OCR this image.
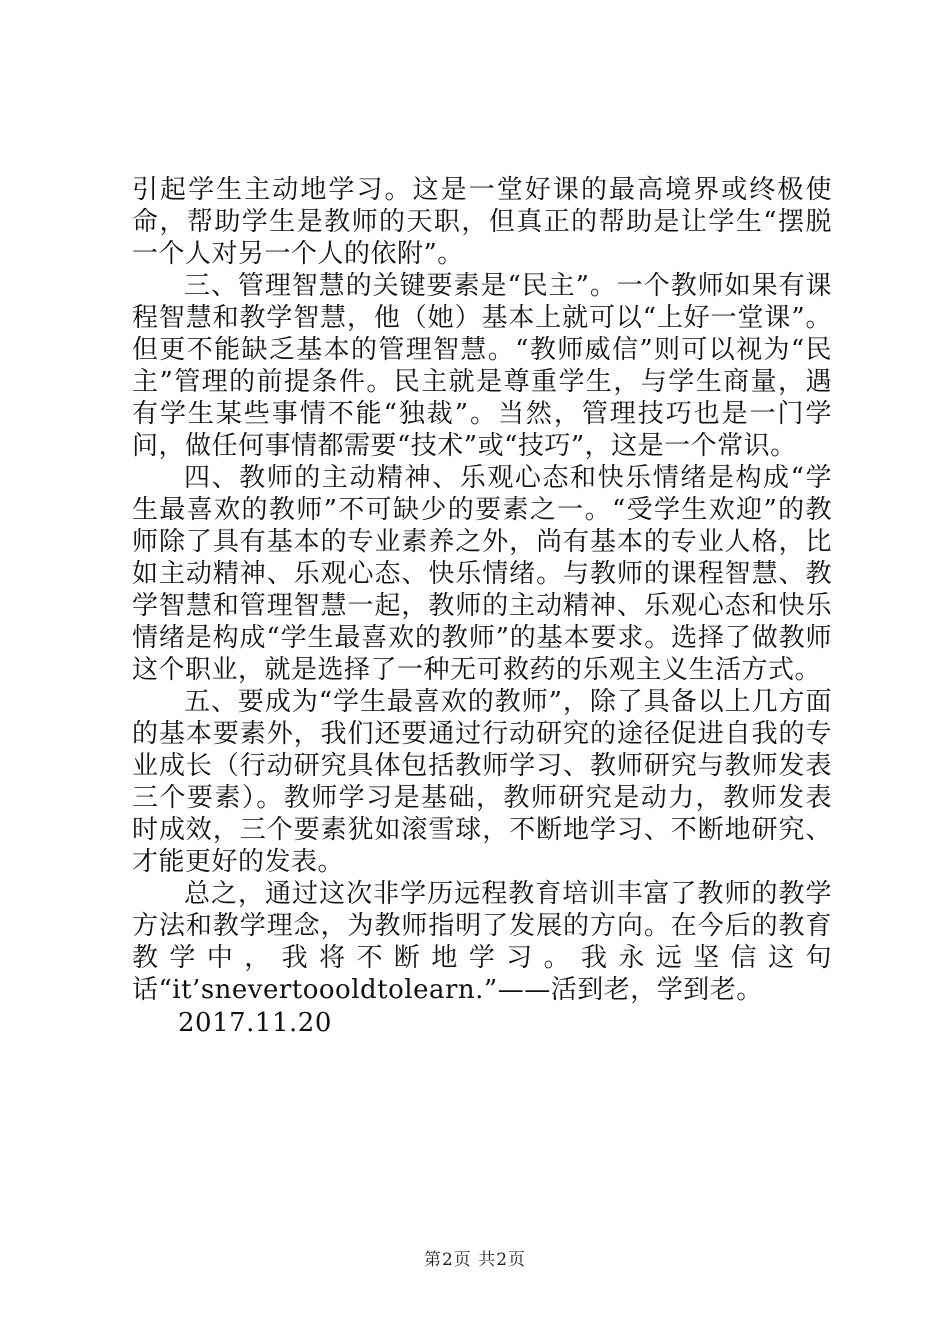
引起学生主动地学习。这是一堂好课的最高境界或终极使命，帮助学生是教师的天职，但真正的帮助是让学生“摆脱一个人对另一个人的依附”。

三、管理智慧的关键要素是“民主”。一个教师如果有课程智慧和教学智慧，他（她）基本上就可以“上好一堂课”。但更不能缺乏基本的管理智慧。“教师威信”则可以视为“民主”管理的前提条件。民主就是尊重学生，与学生商量，遇有学生某些事情不能“独裁”。当然，管理技巧也是一门学问，做任何事情都需要“技术”或“技巧”，这是一个常识。

四、教师的主动精神、乐观心态和快乐情绪是构成“学生最喜欢的教师”不可缺少的要素之一。“受学生欢迎”的教师除了具有基本的专业素养之外，尚有基本的专业人格，比如主动精神、乐观心态、快乐情绪。与教师的课程智慧、教学智慧和管理智慧一起，教师的主动精神、乐观心态和快乐情绪是构成“学生最喜欢的教师”的基本要求。选择了做教师这个职业，就是选择了一种无可救药的乐观主义生活方式。

五、要成为“学生最喜欢的教师”，除了具备以上几方面的基本要素外，我们还要通过行动研究的途径促进自我的专业成长（行动研究具体包括教师学习、教师研究与教师发表三个要素）。教师学习是基础，教师研究是动力，教师发表时成效，三个要素犹如滚雪球，不断地学习、不断地研究、才能更好的发表。

总之，通过这次非学历远程教育培训丰富了教师的教学方法和教学理念，为教师指明了发展的方向。在今后的教育教学中，我将不断地学习。我永远坚信这句话“it’snevertoooldtolearn.”——活到老，学到老。

2017.11.20

第2页 共2页
